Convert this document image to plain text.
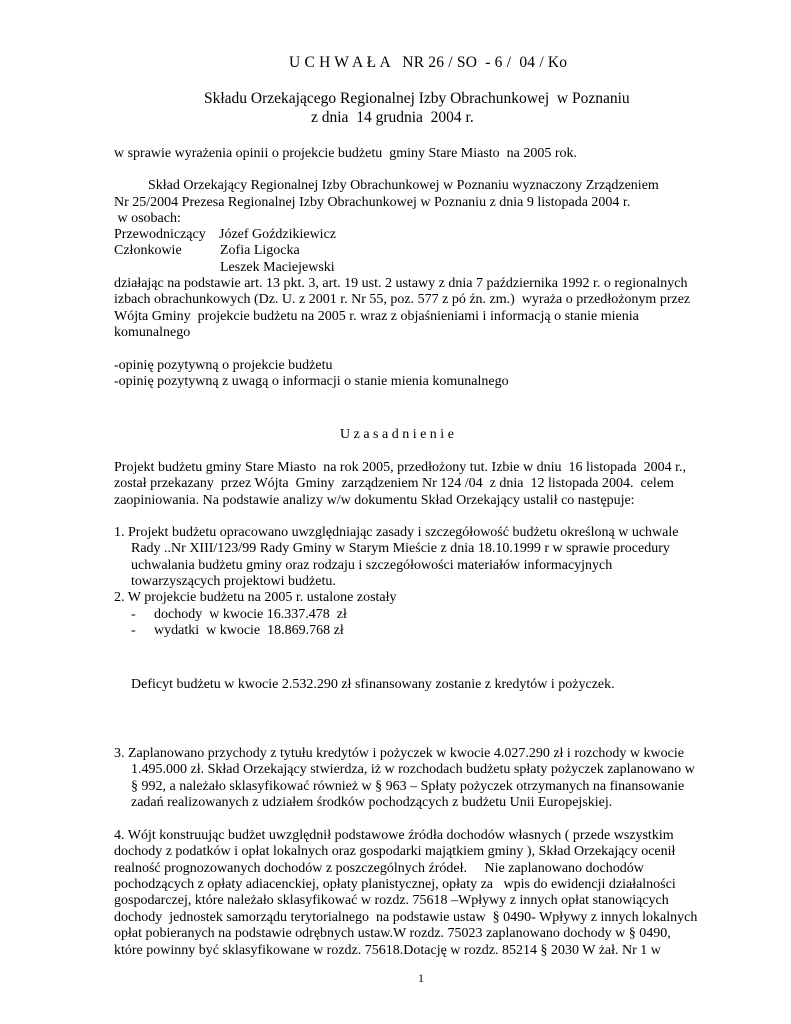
U C H W A Ł A   NR 26 / SO  - 6 /  04 / Ko
Składu Orzekającego Regionalnej Izby Obrachunkowej  w Poznaniu
z dnia  14 grudnia  2004 r.
w sprawie wyrażenia opinii o projekcie budżetu  gminy Stare Miasto  na 2005 rok.
Skład Orzekający Regionalnej Izby Obrachunkowej w Poznaniu wyznaczony Zrządzeniem
Nr 25/2004 Prezesa Regionalnej Izby Obrachunkowej w Poznaniu z dnia 9 listopada 2004 r.
w osobach:
Przewodniczący Józef Goździkiewicz
Członkowie	Zofia Ligocka
Leszek Maciejewski
działając na podstawie art. 13 pkt. 3, art. 19 ust. 2 ustawy z dnia 7 października 1992 r. o regionalnych
izbach obrachunkowych (Dz. U. z 2001 r. Nr 55, poz. 577 z pó źn. zm.)  wyraża o przedłożonym przez
Wójta Gminy  projekcie budżetu na 2005 r. wraz z objaśnieniami i informacją o stanie mienia
komunalnego
-opinię pozytywną o projekcie budżetu
-opinię pozytywną z uwagą o informacji o stanie mienia komunalnego
U z a s a d n i e n i e
Projekt budżetu gminy Stare Miasto  na rok 2005, przedłożony tut. Izbie w dniu  16 listopada  2004 r.,
został przekazany  przez Wójta  Gminy  zarządzeniem Nr 124 /04  z dnia  12 listopada 2004.  celem
zaopiniowania. Na podstawie analizy w/w dokumentu Skład Orzekający ustalił co następuje:
1. Projekt budżetu opracowano uwzględniając zasady i szczegółowość budżetu określoną w uchwale
Rady ..Nr XIII/123/99 Rady Gminy w Starym Mieście z dnia 18.10.1999 r w sprawie procedury
uchwalania budżetu gminy oraz rodzaju i szczegółowości materiałów informacyjnych
towarzyszących projektowi budżetu.
2. W projekcie budżetu na 2005 r. ustalone zostały
- dochody  w kwocie 16.337.478  zł
- wydatki  w kwocie  18.869.768 zł
Deficyt budżetu w kwocie 2.532.290 zł sfinansowany zostanie z kredytów i pożyczek.
3. Zaplanowano przychody z tytułu kredytów i pożyczek w kwocie 4.027.290 zł i rozchody w kwocie
1.495.000 zł. Skład Orzekający stwierdza, iż w rozchodach budżetu spłaty pożyczek zaplanowano w
§ 992, a należało sklasyfikować również w § 963 – Spłaty pożyczek otrzymanych na finansowanie
zadań realizowanych z udziałem środków pochodzących z budżetu Unii Europejskiej.
4. Wójt konstruując budżet uwzględnił podstawowe źródła dochodów własnych ( przede wszystkim
dochody z podatków i opłat lokalnych oraz gospodarki majątkiem gminy ), Skład Orzekający ocenił
realność prognozowanych dochodów z poszczególnych źródeł.     Nie zaplanowano dochodów
pochodzących z opłaty adiacenckiej, opłaty planistycznej, opłaty za   wpis do ewidencji działalności
gospodarczej, które należało sklasyfikować w rozdz. 75618 –Wpływy z innych opłat stanowiących
dochody  jednostek samorządu terytorialnego  na podstawie ustaw  § 0490- Wpływy z innych lokalnych
opłat pobieranych na podstawie odrębnych ustaw.W rozdz. 75023 zaplanowano dochody w § 0490,
które powinny być sklasyfikowane w rozdz. 75618.Dotację w rozdz. 85214 § 2030 W żał. Nr 1 w
1
